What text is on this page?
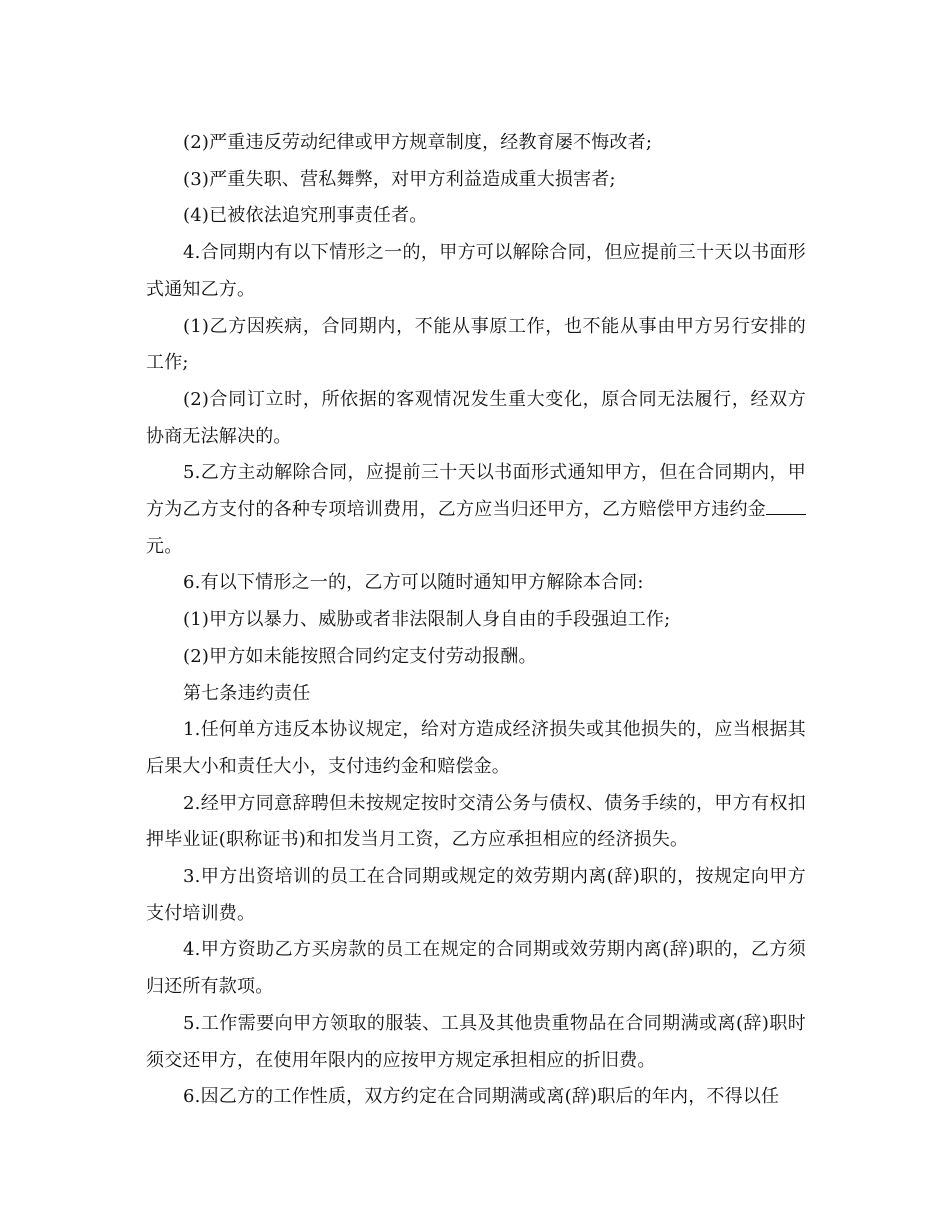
(2)严重违反劳动纪律或甲方规章制度，经教育屡不悔改者;

(3)严重失职、营私舞弊，对甲方利益造成重大损害者;

(4)已被依法追究刑事责任者。

4.合同期内有以下情形之一的，甲方可以解除合同，但应提前三十天以书面形式通知乙方。

(1)乙方因疾病，合同期内，不能从事原工作，也不能从事由甲方另行安排的工作;

(2)合同订立时，所依据的客观情况发生重大变化，原合同无法履行，经双方协商无法解决的。

5.乙方主动解除合同，应提前三十天以书面形式通知甲方，但在合同期内，甲方为乙方支付的各种专项培训费用，乙方应当归还甲方，乙方赔偿甲方违约金元。

6.有以下情形之一的，乙方可以随时通知甲方解除本合同:

(1)甲方以暴力、威胁或者非法限制人身自由的手段强迫工作;

(2)甲方如未能按照合同约定支付劳动报酬。

第七条违约责任

1.任何单方违反本协议规定，给对方造成经济损失或其他损失的，应当根据其后果大小和责任大小，支付违约金和赔偿金。

2.经甲方同意辞聘但未按规定按时交清公务与债权、债务手续的，甲方有权扣押毕业证(职称证书)和扣发当月工资，乙方应承担相应的经济损失。

3.甲方出资培训的员工在合同期或规定的效劳期内离(辞)职的，按规定向甲方支付培训费。

4.甲方资助乙方买房款的员工在规定的合同期或效劳期内离(辞)职的，乙方须归还所有款项。

5.工作需要向甲方领取的服装、工具及其他贵重物品在合同期满或离(辞)职时须交还甲方，在使用年限内的应按甲方规定承担相应的折旧费。

6.因乙方的工作性质，双方约定在合同期满或离(辞)职后的年内，不得以任
